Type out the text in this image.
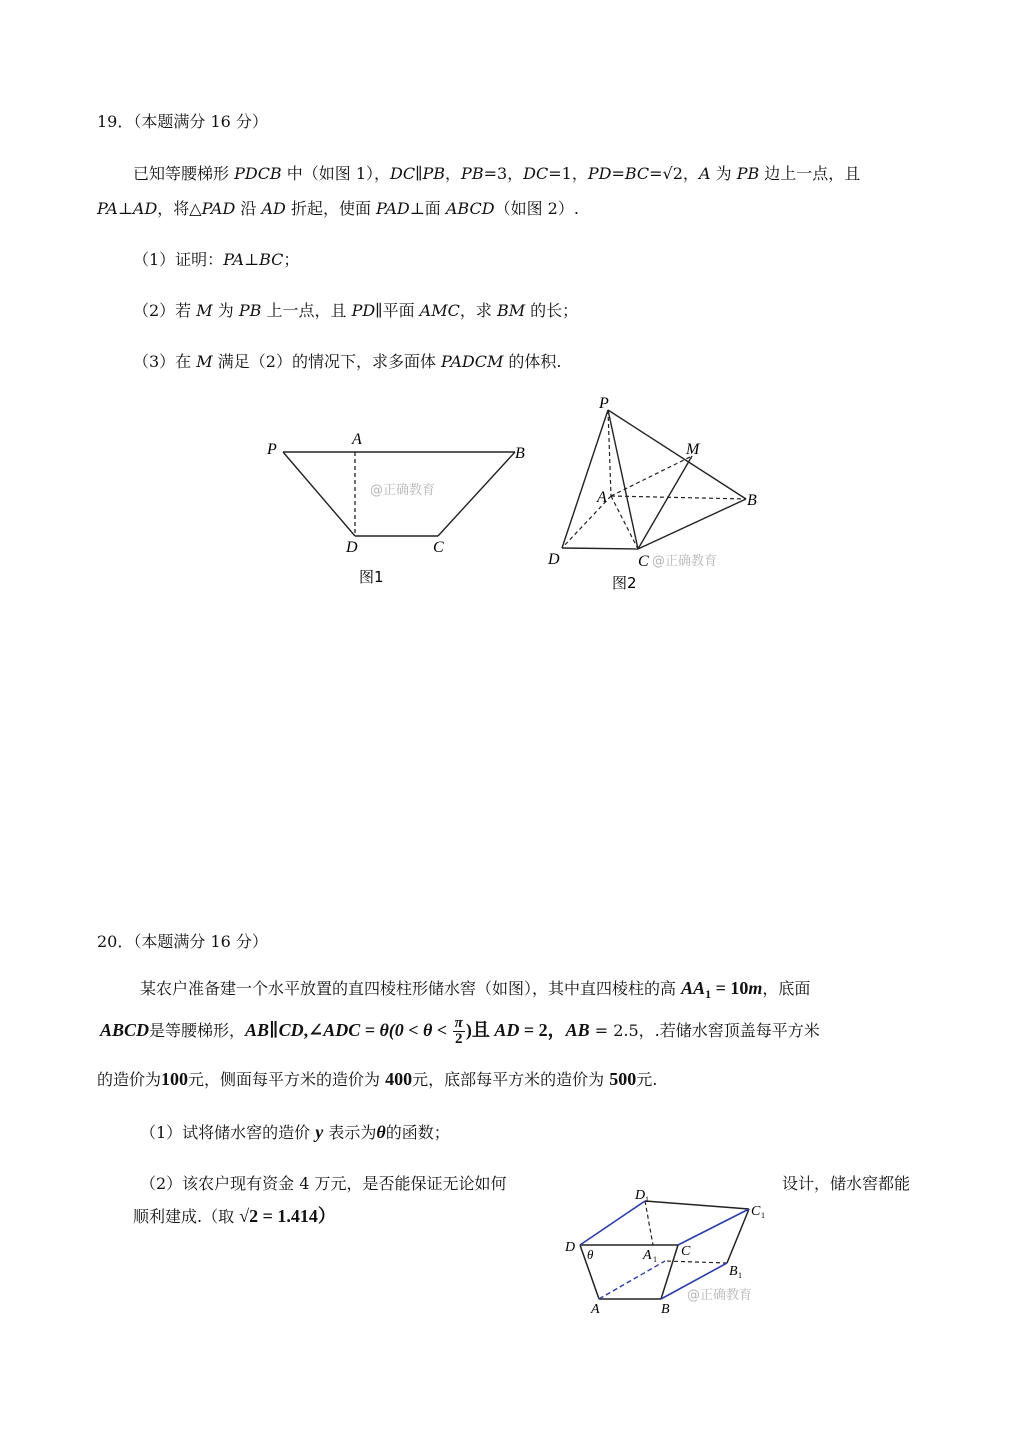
19．（本题满分 16 分）
已知等腰梯形 PDCB 中（如图 1），DC∥PB，PB=3，DC=1，PD=BC=√2，A 为 PB 边上一点，且
PA⊥AD，将△PAD 沿 AD 折起，使面 PAD⊥面 ABCD（如图 2）.
（1）证明：PA⊥BC；
（2）若 M 为 PB 上一点，且 PD∥平面 AMC，求 BM 的长；
（3）在 M 满足（2）的情况下，求多面体 PADCM 的体积.
P
A
B
D	C
@正确教育
图1
P
M
A	B
D	C @正确教育
图2
20．（本题满分 16 分）
某农户准备建一个水平放置的直四棱柱形储水窖（如图），其中直四棱柱的高 $AA_1 = 10m$，底面
ABCD是等腰梯形，AB∥CD,∠ADC = $\theta(0 < \theta < \frac{\pi}{2}$ )且 AD = 2，AB = 2.5，.若储水窖顶盖每平方米
的造价为100元，侧面每平方米的造价为 400元，底部每平方米的造价为 500元.
（1）试将储水窖的造价 y 表示为θ的函数；
（2）该农户现有资金 4 万元，是否能保证无论如何	设计，储水窖都能
顺利建成.（取 √2 = 1.414）
D 1
C 1
D θ	A 1
C
B 1
A	B
@正确教育
